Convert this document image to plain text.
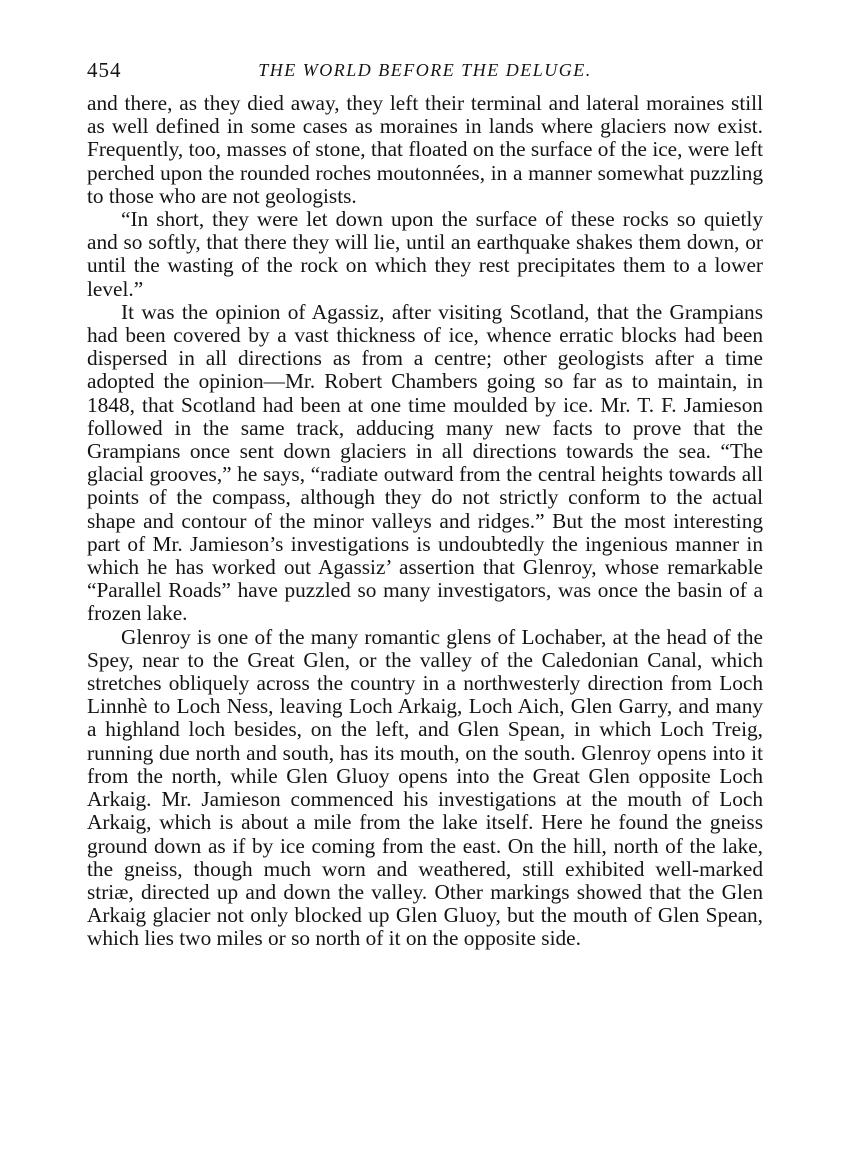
454	THE WORLD BEFORE THE DELUGE.

and there, as they died away, they left their terminal and lateral moraines still as well defined in some cases as moraines in lands where glaciers now exist. Frequently, too, masses of stone, that floated on the surface of the ice, were left perched upon the rounded roches moutonnées, in a manner somewhat puzzling to those who are not geologists.

“In short, they were let down upon the surface of these rocks so quietly and so softly, that there they will lie, until an earthquake shakes them down, or until the wasting of the rock on which they rest precipitates them to a lower level.”

It was the opinion of Agassiz, after visiting Scotland, that the Grampians had been covered by a vast thickness of ice, whence erratic blocks had been dispersed in all directions as from a centre; other geologists after a time adopted the opinion—Mr. Robert Chambers going so far as to maintain, in 1848, that Scotland had been at one time moulded by ice. Mr. T. F. Jamieson followed in the same track, adducing many new facts to prove that the Grampians once sent down glaciers in all directions towards the sea. “The glacial grooves,” he says, “radiate outward from the central heights towards all points of the compass, although they do not strictly conform to the actual shape and contour of the minor valleys and ridges.” But the most interesting part of Mr. Jamieson’s investigations is undoubtedly the ingenious manner in which he has worked out Agassiz’ assertion that Glenroy, whose remarkable “Parallel Roads” have puzzled so many investigators, was once the basin of a frozen lake.

Glenroy is one of the many romantic glens of Lochaber, at the head of the Spey, near to the Great Glen, or the valley of the Caledonian Canal, which stretches obliquely across the country in a northwesterly direction from Loch Linnhè to Loch Ness, leaving Loch Arkaig, Loch Aich, Glen Garry, and many a highland loch besides, on the left, and Glen Spean, in which Loch Treig, running due north and south, has its mouth, on the south. Glenroy opens into it from the north, while Glen Gluoy opens into the Great Glen opposite Loch Arkaig. Mr. Jamieson commenced his investigations at the mouth of Loch Arkaig, which is about a mile from the lake itself. Here he found the gneiss ground down as if by ice coming from the east. On the hill, north of the lake, the gneiss, though much worn and weathered, still exhibited well-marked striæ, directed up and down the valley. Other markings showed that the Glen Arkaig glacier not only blocked up Glen Gluoy, but the mouth of Glen Spean, which lies two miles or so north of it on the opposite side.
